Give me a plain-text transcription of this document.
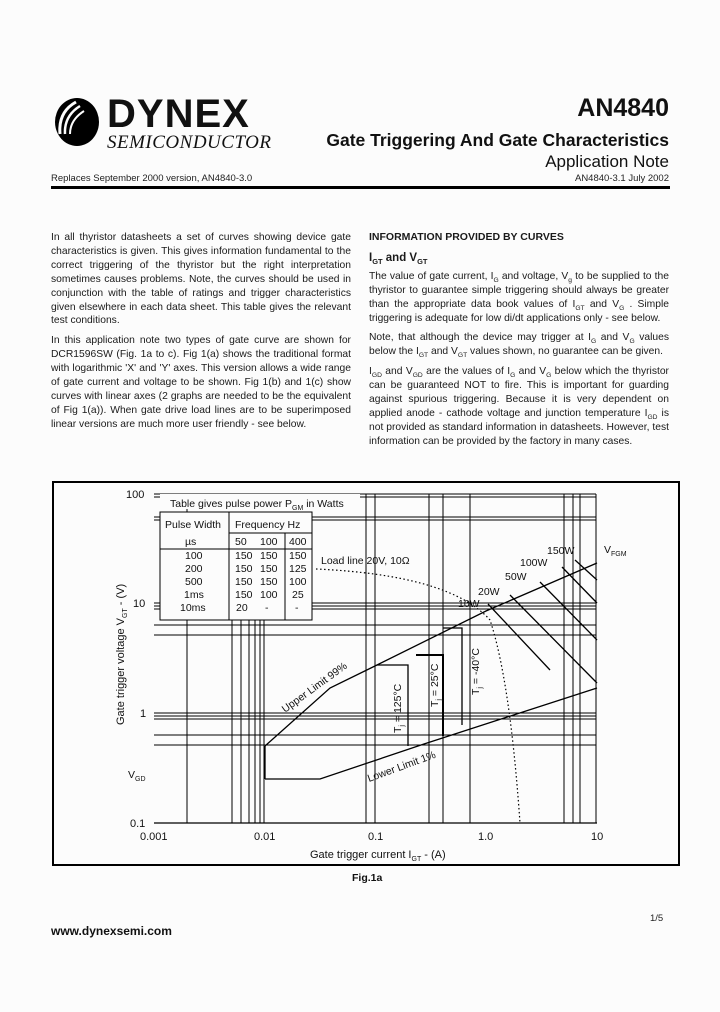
DYNEX
SEMICONDUCTOR
AN4840
Gate Triggering And Gate Characteristics
Application Note
Replaces September 2000 version, AN4840-3.0	AN4840-3.1 July 2002

In all thyristor datasheets a set of curves showing device gate characteristics is given. This gives information fundamental to the correct triggering of the thyristor but the right interpretation sometimes causes problems. Note, the curves should be used in conjunction with the table of ratings and trigger characteristics given elsewhere in each data sheet. This table gives the relevant test conditions.

In this application note two types of gate curve are shown for DCR1596SW (Fig. 1a to c). Fig 1(a) shows the traditional format with logarithmic 'X' and 'Y' axes. This version allows a wide range of gate current and voltage to be shown. Fig 1(b) and 1(c) show curves with linear axes (2 graphs are needed to be the equivalent of Fig 1(a)). When gate drive load lines are to be superimposed linear versions are much more user friendly - see below.

INFORMATION PROVIDED BY CURVES
$I_{GT}$ and $V_{GT}$

The value of gate current, $I_G$ and voltage, $V_g$ to be supplied to the thyristor to guarantee simple triggering should always be greater than the appropriate data book values of $I_{GT}$ and $V_G$ . Simple triggering is adequate for low di/dt applications only - see below.

Note, that although the device may trigger at $I_G$ and $V_G$ values below the $I_{GT}$ and $V_{GT}$ values shown, no guarantee can be given.

$I_{GD}$ and $V_{GD}$ are the values of $I_G$ and $V_G$ below which the thyristor can be guaranteed NOT to fire. This is important for guarding against spurious triggering. Because it is very dependent on applied anode - cathode voltage and junction temperature $I_{GD}$ is not provided as standard information in datasheets. However, test information can be provided by the factory in many cases.

Table gives pulse power $P_{GM}$ in Watts
Pulse Width Frequency Hz
µs	50 100 400
100	150 150 150
200	150 150 125
500	150 150 100
1ms	150 100 25
10ms	20 -	-
Load line 20V, 10Ω
10W
20W
50W
100W
150W	$V_{FGM}$
$V_{GD}$
Upper Limit 99%
Lower Limit 1%
$T_j = 125^\circ C$ $T_j = 25^\circ C$	$T_j = -40^\circ C$
100
10
1
0.1
0.001	0.01	0.1	1.0	10
Gate trigger current $I_{GT} - (A)$
Gate trigger voltage $V_{GT} - (V)$
Fig.1a
1/5
www.dynexsemi.com
